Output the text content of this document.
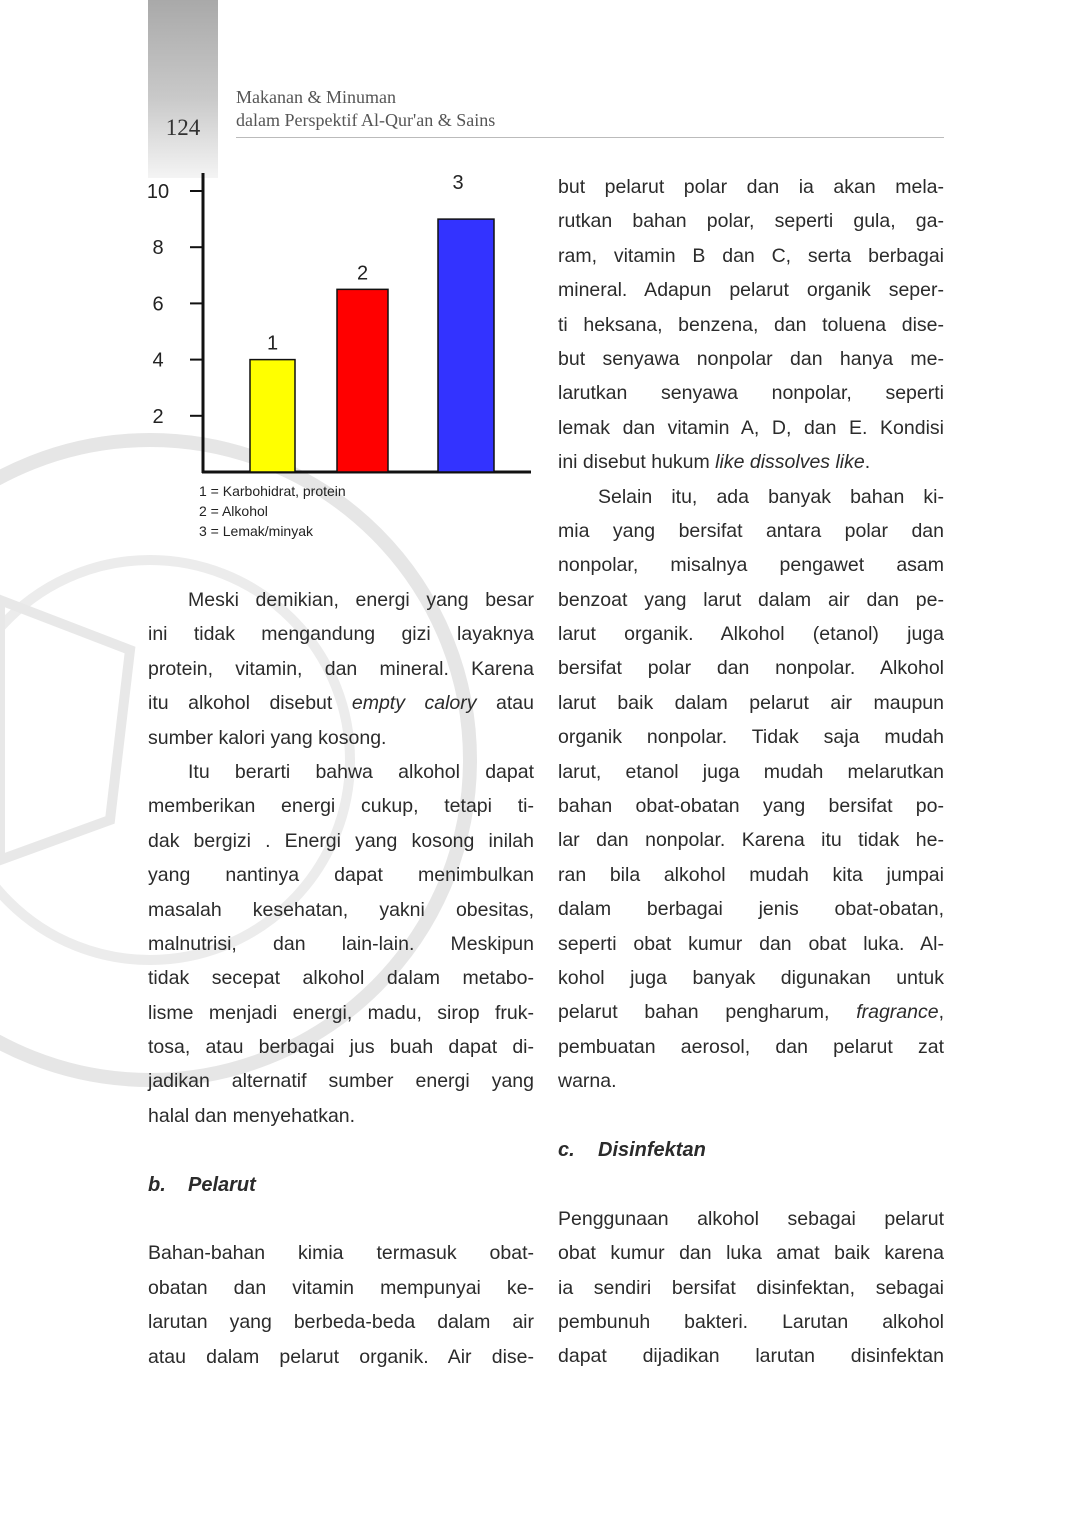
124
Makanan & Minuman
dalam Perspektif Al-Qur'an & Sains
2
4
6
8
10
1
2
3
1 = Karbohidrat, protein
2 = Alkohol
3 = Lemak/minyak
Meski demikian, energi yang besar
ini tidak mengandung gizi layaknya
protein, vitamin, dan mineral. Karena
itu alkohol disebut empty calory atau
sumber kalori yang kosong.
Itu berarti bahwa alkohol dapat
memberikan energi cukup, tetapi ti-
dak bergizi . Energi yang kosong inilah
yang nantinya dapat menimbulkan
masalah kesehatan, yakni obesitas,
malnutrisi, dan lain-lain. Meskipun
tidak secepat alkohol dalam metabo-
lisme menjadi energi, madu, sirop fruk-
tosa, atau berbagai jus buah dapat di-
jadikan alternatif sumber energi yang
halal dan menyehatkan.
b. Pelarut
Bahan-bahan kimia termasuk obat-
obatan dan vitamin mempunyai ke-
larutan yang berbeda-beda dalam air
atau dalam pelarut organik. Air dise-
but pelarut polar dan ia akan mela-
rutkan bahan polar, seperti gula, ga-
ram, vitamin B dan C, serta berbagai
mineral. Adapun pelarut organik seper-
ti heksana, benzena, dan toluena dise-
but senyawa nonpolar dan hanya me-
larutkan senyawa nonpolar, seperti
lemak dan vitamin A, D, dan E. Kondisi
ini disebut hukum like dissolves like.
Selain itu, ada banyak bahan ki-
mia yang bersifat antara polar dan
nonpolar, misalnya pengawet asam
benzoat yang larut dalam air dan pe-
larut organik. Alkohol (etanol) juga
bersifat polar dan nonpolar. Alkohol
larut baik dalam pelarut air maupun
organik nonpolar. Tidak saja mudah
larut, etanol juga mudah melarutkan
bahan obat-obatan yang bersifat po-
lar dan nonpolar. Karena itu tidak he-
ran bila alkohol mudah kita jumpai
dalam berbagai jenis obat-obatan,
seperti obat kumur dan obat luka. Al-
kohol juga banyak digunakan untuk
pelarut bahan pengharum, fragrance,
pembuatan aerosol, dan pelarut zat
warna.
c. Disinfektan
Penggunaan alkohol sebagai pelarut
obat kumur dan luka amat baik karena
ia sendiri bersifat disinfektan, sebagai
pembunuh bakteri. Larutan alkohol
dapat dijadikan larutan disinfektan
